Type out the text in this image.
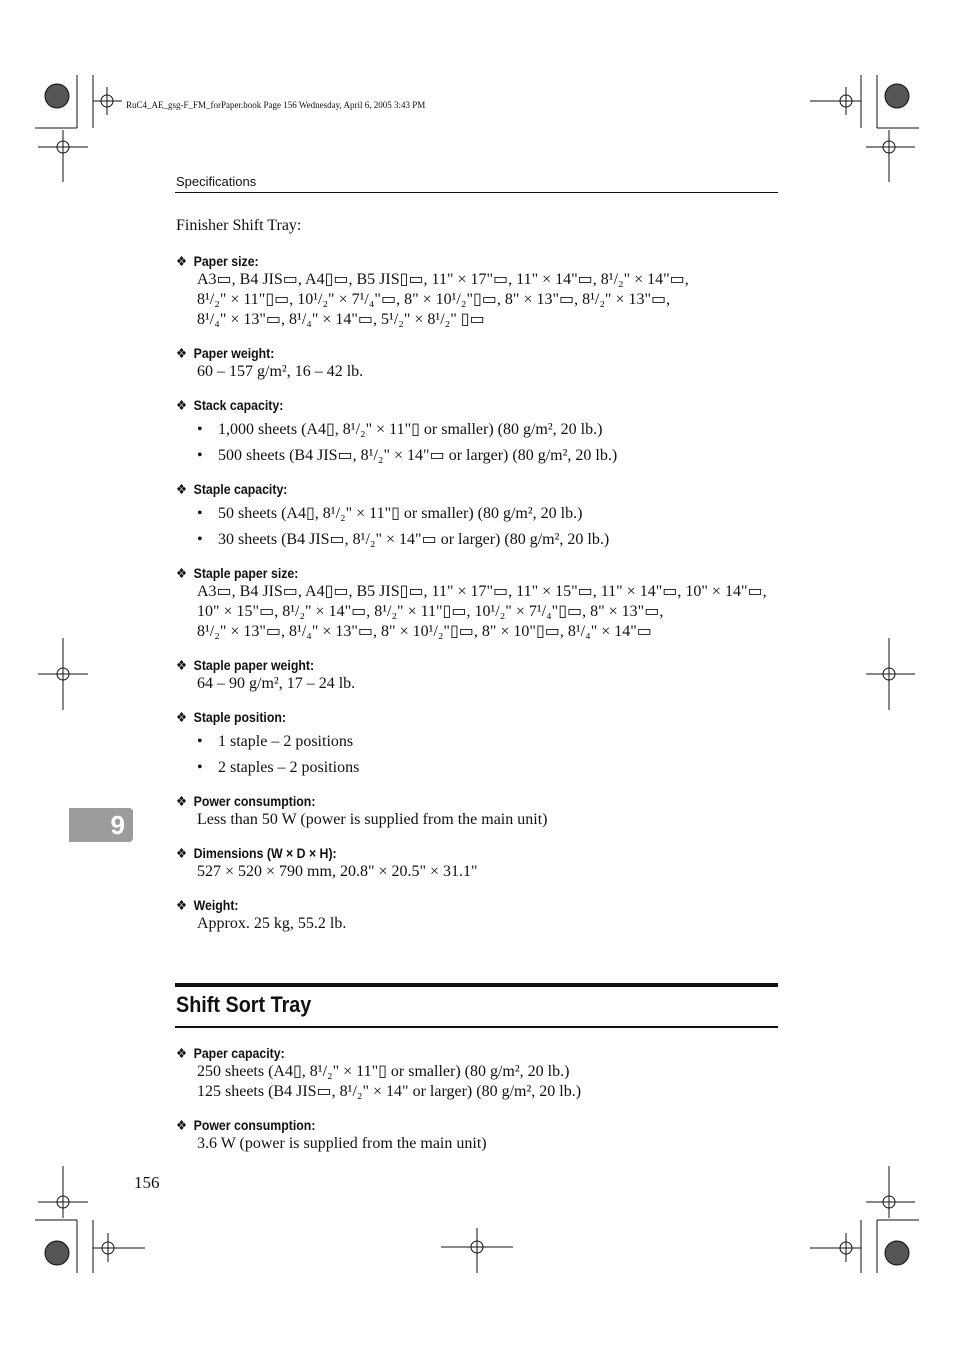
RuC4_AE_gsg-F_FM_forPaper.book Page 156 Wednesday, April 6, 2005 3:43 PM
Specifications
Finisher Shift Tray:
❖ Paper size:
A3▭, B4 JIS▭, A4▯▭, B5 JIS▯▭, 11" × 17"▭, 11" × 14"▭, 8¹/₂" × 14"▭,
8¹/₂" × 11"▯▭, 10¹/₂" × 7¹/₄"▭, 8" × 10¹/₂"▯▭, 8" × 13"▭, 8¹/₂" × 13"▭,
8¹/₄" × 13"▭, 8¹/₄" × 14"▭, 5¹/₂" × 8¹/₂" ▯▭
❖ Paper weight:
60 – 157 g/m², 16 – 42 lb.
❖ Stack capacity:
• 1,000 sheets (A4▯, 8¹/₂" × 11"▯ or smaller) (80 g/m², 20 lb.)
• 500 sheets (B4 JIS▭, 8¹/₂" × 14"▭ or larger) (80 g/m², 20 lb.)
❖ Staple capacity:
• 50 sheets (A4▯, 8¹/₂" × 11"▯ or smaller) (80 g/m², 20 lb.)
• 30 sheets (B4 JIS▭, 8¹/₂" × 14"▭ or larger) (80 g/m², 20 lb.)
❖ Staple paper size:
A3▭, B4 JIS▭, A4▯▭, B5 JIS▯▭, 11" × 17"▭, 11" × 15"▭, 11" × 14"▭, 10" × 14"▭,
10" × 15"▭, 8¹/₂" × 14"▭, 8¹/₂" × 11"▯▭, 10¹/₂" × 7¹/₄"▯▭, 8" × 13"▭,
8¹/₂" × 13"▭, 8¹/₄" × 13"▭, 8" × 10¹/₂"▯▭, 8" × 10"▯▭, 8¹/₄" × 14"▭
❖ Staple paper weight:
64 – 90 g/m², 17 – 24 lb.
❖ Staple position:
• 1 staple – 2 positions
• 2 staples – 2 positions
❖ Power consumption:
Less than 50 W (power is supplied from the main unit)
❖ Dimensions (W × D × H):
527 × 520 × 790 mm, 20.8" × 20.5" × 31.1"
❖ Weight:
Approx. 25 kg, 55.2 lb.
9
Shift Sort Tray
❖ Paper capacity:
250 sheets (A4▯, 8¹/₂" × 11"▯ or smaller) (80 g/m², 20 lb.)
125 sheets (B4 JIS▭, 8¹/₂" × 14" or larger) (80 g/m², 20 lb.)
❖ Power consumption:
3.6 W (power is supplied from the main unit)
156
